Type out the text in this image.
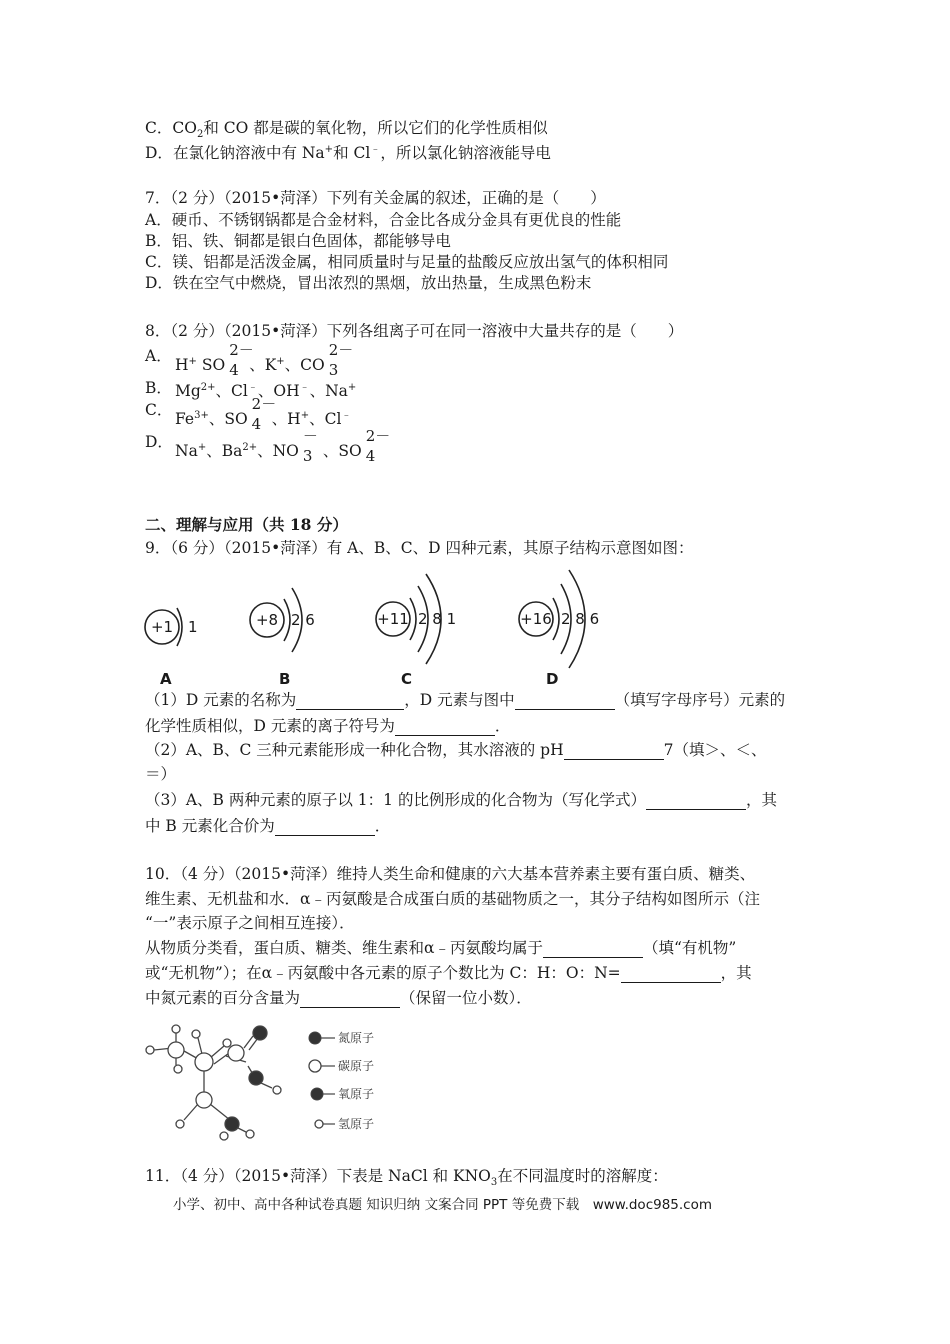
C．$CO_2$和 CO 都是碳的氧化物，所以它们的化学性质相似
D．在氯化钠溶液中有 Na+和 Cl﹣，所以氯化钠溶液能导电
7．（2 分）（2015•菏泽）下列有关金属的叙述，正确的是（　　）
A．硬币、不锈钢锅都是合金材料，合金比各成分金具有更优良的性能
B．铝、铁、铜都是银白色固体，都能够导电
C．镁、铝都是活泼金属，相同质量时与足量的盐酸反应放出氢气的体积相同
D．铁在空气中燃烧，冒出浓烈的黑烟，放出热量，生成黑色粉末
8．（2 分）（2015•菏泽）下列各组离子可在同一溶液中大量共存的是（　　）
A．
H+ SO
2－
4 、K+、CO
2－
3
B． $Mg^{2+}$、Cl﹣、OH﹣、Na+
C．
$Fe^{3+}$、SO
2－
4 、H+、Cl﹣
D．
Na+、$Ba^{2+}$、NO
－
3 、SO
2－
4
二、理解与应用（共 18 分）
9．（6 分）（2015•菏泽）有 A、B、C、D 四种元素，其原子结构示意图如图：
+1 1	+8 2 6	+11 2 8 1	+16 2 8 6
A	B	C	D
（1）D 元素的名称为	，D 元素与图中	（填写字母序号）元素的
化学性质相似，D 元素的离子符号为	．
（2）A、B、C 三种元素能形成一种化合物，其水溶液的 pH	7（填＞、＜、
＝）
（3）A、B 两种元素的原子以 1：1 的比例形成的化合物为（写化学式）	，其
中 B 元素化合价为	．
10．（4 分）（2015•菏泽）维持人类生命和健康的六大基本营养素主要有蛋白质、糖类、
维生素、无机盐和水．α﹣丙氨酸是合成蛋白质的基础物质之一，其分子结构如图所示（注
“一”表示原子之间相互连接）．
从物质分类看，蛋白质、糖类、维生素和α﹣丙氨酸均属于	（填“有机物”
或“无机物”）；在α﹣丙氨酸中各元素的原子个数比为 C：H：O：N=	，其
中氮元素的百分含量为	（保留一位小数）．
氮原子
碳原子
氧原子
氢原子
11．（4 分）（2015•菏泽）下表是 NaCl 和 $KNO_3$在不同温度时的溶解度：
小学、初中、高中各种试卷真题 知识归纳 文案合同 PPT 等免费下载　www.doc985.com
